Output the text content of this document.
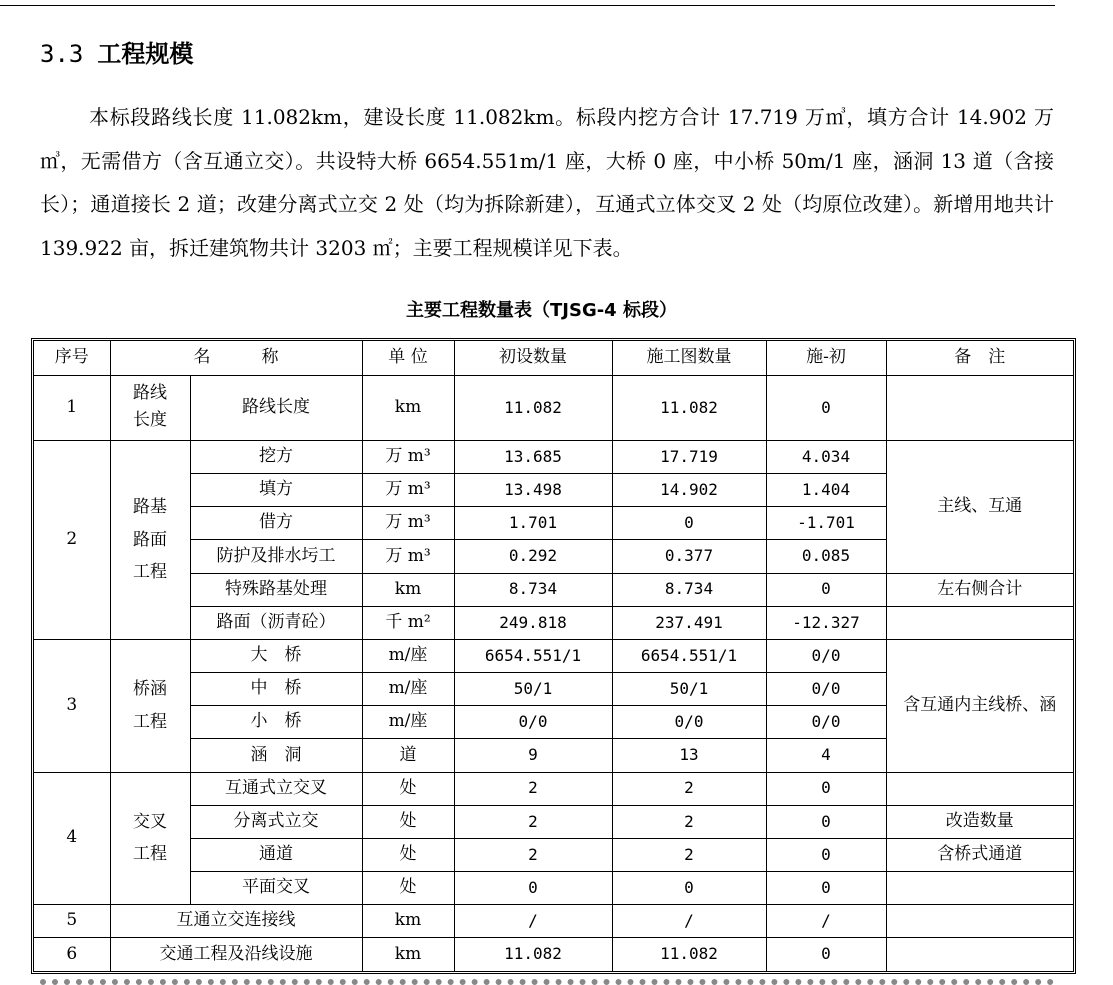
3.3 工程规模

本标段路线长度 11.082km，建设长度 11.082km。标段内挖方合计 17.719 万㎥，填方合计 14.902 万㎥，无需借方（含互通立交）。共设特大桥 6654.551m/1 座，大桥 0 座，中小桥 50m/1 座，涵洞 13 道（含接长）；通道接长 2 道；改建分离式立交 2 处（均为拆除新建），互通式立体交叉 2 处（均原位改建）。新增用地共计 139.922 亩，拆迁建筑物共计 3203 ㎡；主要工程规模详见下表。

主要工程数量表（TJSG-4 标段）
序号	名　　　称		单 位	初设数量	施工图数量	施-初	备　注
1	路线长度	路线长度	km	11.082	11.082	0	
2	路基路面工程	挖方	万 m³	13.685	17.719	4.034	主线、互通
		填方	万 m³	13.498	14.902	1.404	
		借方	万 m³	1.701	0	-1.701	
		防护及排水圬工	万 m³	0.292	0.377	0.085	
		特殊路基处理	km	8.734	8.734	0	左右侧合计
		路面（沥青砼）	千 m²	249.818	237.491	-12.327	
3	桥涵工程	大　桥	m/座	6654.551/1	6654.551/1	0/0	含互通内主线桥、涵
		中　桥	m/座	50/1	50/1	0/0	
		小　桥	m/座	0/0	0/0	0/0	
		涵　洞	道	9	13	4	
4	交叉工程	互通式立交叉	处	2	2	0	
		分离式立交	处	2	2	0	改造数量
		通道	处	2	2	0	含桥式通道
		平面交叉	处	0	0	0	
5	互通立交连接线		km	/	/	/	
6	交通工程及沿线设施		km	11.082	11.082	0	
